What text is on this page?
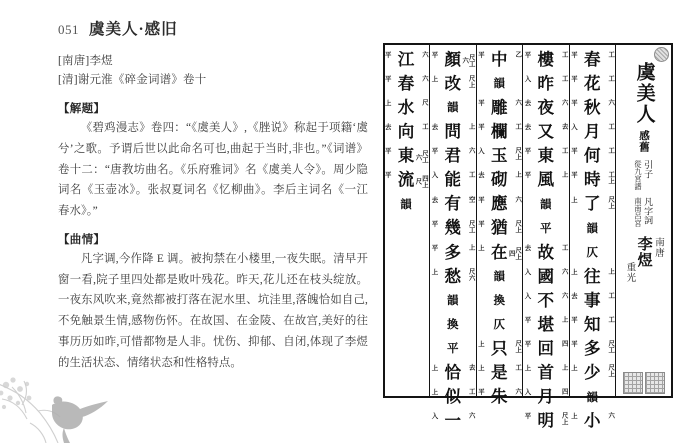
051 虞美人·感旧
[南唐]李煜
[清]谢元淮《碎金词谱》卷十
【解题】

《碧鸡漫志》卷四：“《虞美人》,《脞说》称起于项籍‘虞兮’之歌。予谓后世以此命名可也,曲起于当时,非也。”《词谱》卷十二：“唐教坊曲名。《乐府雅词》名《虞美人令》。周少隐词名《玉壶冰》。张叔夏词名《忆柳曲》。李后主词名《一江春水》。”

【曲情】

凡字调,今作降 E 调。被拘禁在小楼里,一夜失眠。清早开窗一看,院子里四处都是败叶残花。昨天,花儿还在枝头绽放。一夜东风吹来,竟然都被打落在泥水里、坑洼里,落魄恰如自己,不免触景生情,感物伤怀。在故国、在金陵、在故宫,美好的往事历历如昨,可惜都物是人非。忧伤、抑郁、自闭,体现了李煜的生活状态、情绪状态和性格特点。

虞美人
感舊
引子
從九宮譜
凡字詞
南南呂宮
南唐
李煜
重光
平 春 工
平 花 工
平 秋 六
入 月 工
平 何 工
平 時 工上
上 了 尺上
韻
仄
上 往 上
去 事 工
平 知 工
平 多 尺工
上 少 尺上
韻
上 小 六
平 樓 工
入 昨 工
去 夜 六
去 又 去
平 東 工
平 風 上
韻
平
去 故 工
入 國 六
入 不 六
平 堪 上
平 回 四
上 首 上
入 月 四
平 明 尺上
平 中 乙
韻
平 雕 六
平 欄 工
入 玉 尺上
去 砌 上
平 應 六
平 猶 尺上
上 在	尺上四
韻
換
仄
上 只 尺上
上 是 工
平 朱 六
平 顏	尺工六
上 改 尺上
韻
去 問 上
平 君 六
入 能 工
去 有 空
平 幾 尺工
平 多 上
上 愁 尺六
韻
換
平
上 恰 去
上 似 工
入 一 六
平 江 六
平 春 六
上 水 尺
去 向 工
平 東	尺工六
平 流	四上尺
韻
